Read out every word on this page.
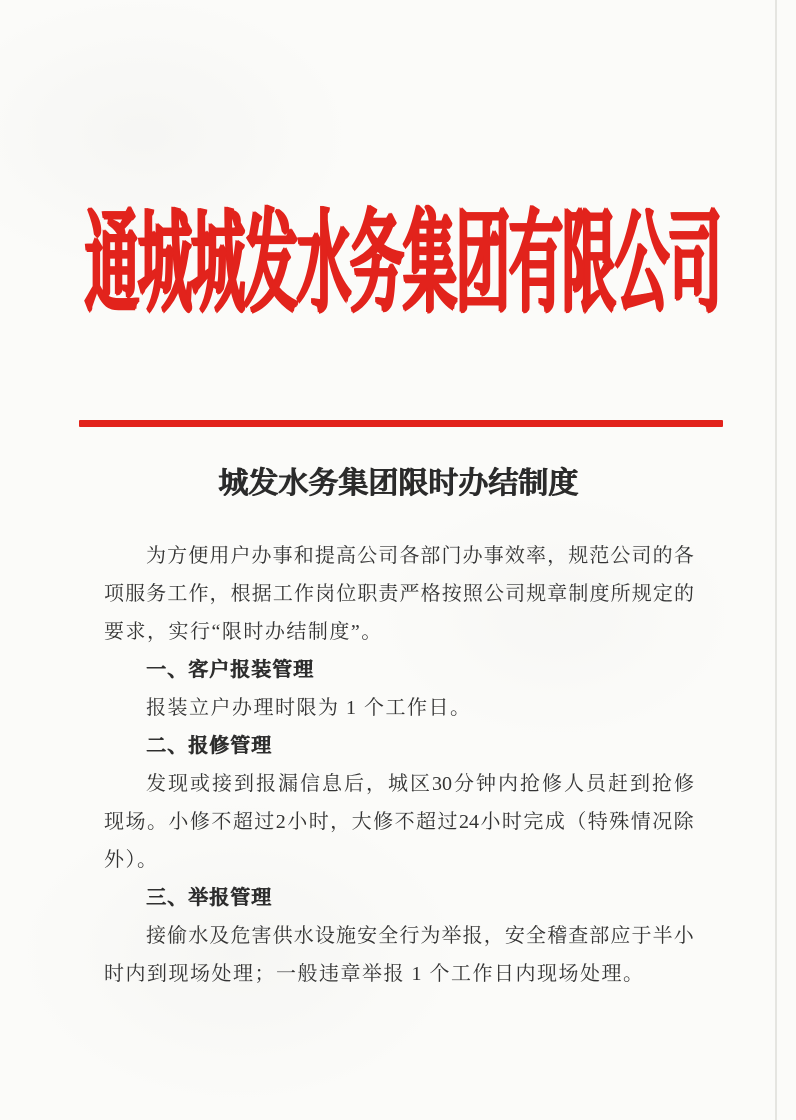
通城城发水务集团有限公司
城发水务集团限时办结制度
为 方 便 用 户 办 事 和 提 高 公 司 各 部 门 办 事 效 率 ， 规 范 公 司 的 各
项 服 务 工 作 ， 根 据 工 作 岗 位 职 责 严 格 按 照 公 司 规 章 制 度 所 规 定 的
要求，实行“限时办结制度”。
一、客户报装管理
报装立户办理时限为 1 个工作日。
二、报修管理
发 现 或 接 到 报 漏 信 息 后 ， 城 区 30 分 钟 内 抢 修 人 员 赶 到 抢 修
现 场 。 小 修 不 超 过 2 小 时 ， 大 修 不 超 过 24 小 时 完 成 （ 特 殊 情 况 除
外）。
三、举报管理
接 偷 水 及 危 害 供 水 设 施 安 全 行 为 举 报 ， 安 全 稽 查 部 应 于 半 小
时内到现场处理；一般违章举报 1 个工作日内现场处理。
